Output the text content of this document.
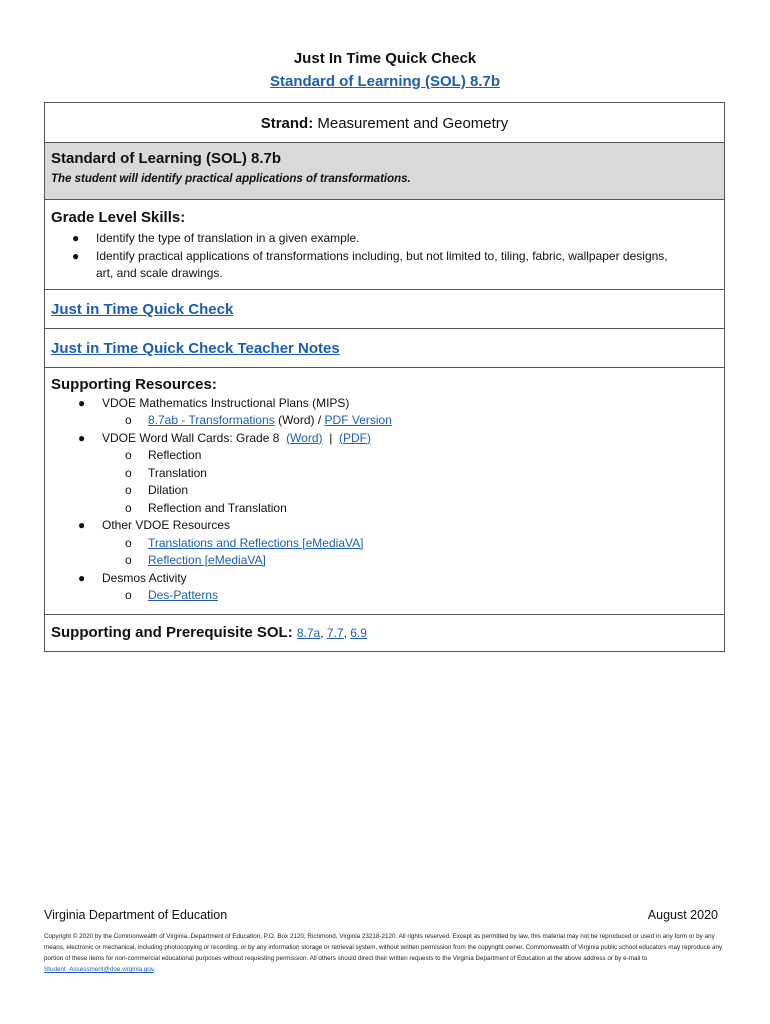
Just In Time Quick Check
Standard of Learning (SOL) 8.7b
Strand: Measurement and Geometry
Standard of Learning (SOL) 8.7b
The student will identify practical applications of transformations.
Grade Level Skills:
● Identify the type of translation in a given example.
● Identify practical applications of transformations including, but not limited to, tiling, fabric, wallpaper designs,
art, and scale drawings.
Just in Time Quick Check
Just in Time Quick Check Teacher Notes
Supporting Resources:
● VDOE Mathematics Instructional Plans (MIPS)
o 8.7ab - Transformations (Word) / PDF Version
● VDOE Word Wall Cards: Grade 8 (Word) | (PDF)
o Reflection
o Translation
o Dilation
o Reflection and Translation
● Other VDOE Resources
o Translations and Reflections [eMediaVA]
o Reflection [eMediaVA]
● Desmos Activity
o Des-Patterns
Supporting and Prerequisite SOL: 8.7a, 7.7, 6.9
Virginia Department of Education	August 2020
Copyright © 2020 by the Commonwealth of Virginia, Department of Education, P.O. Box 2120, Richmond, Virginia 23218-2120. All rights reserved. Except as permitted by law, this material may not be reproduced or used in any form or by any means, electronic or mechanical, including photocopying or recording, or by any information storage or retrieval system, without written permission from the copyright owner. Commonwealth of Virginia public school educators may reproduce any portion of these items for non-commercial educational purposes without requesting permission. All others should direct their written requests to the Virginia Department of Education at the above address or by e-mail to Student_Assessment@doe.virginia.gov.
